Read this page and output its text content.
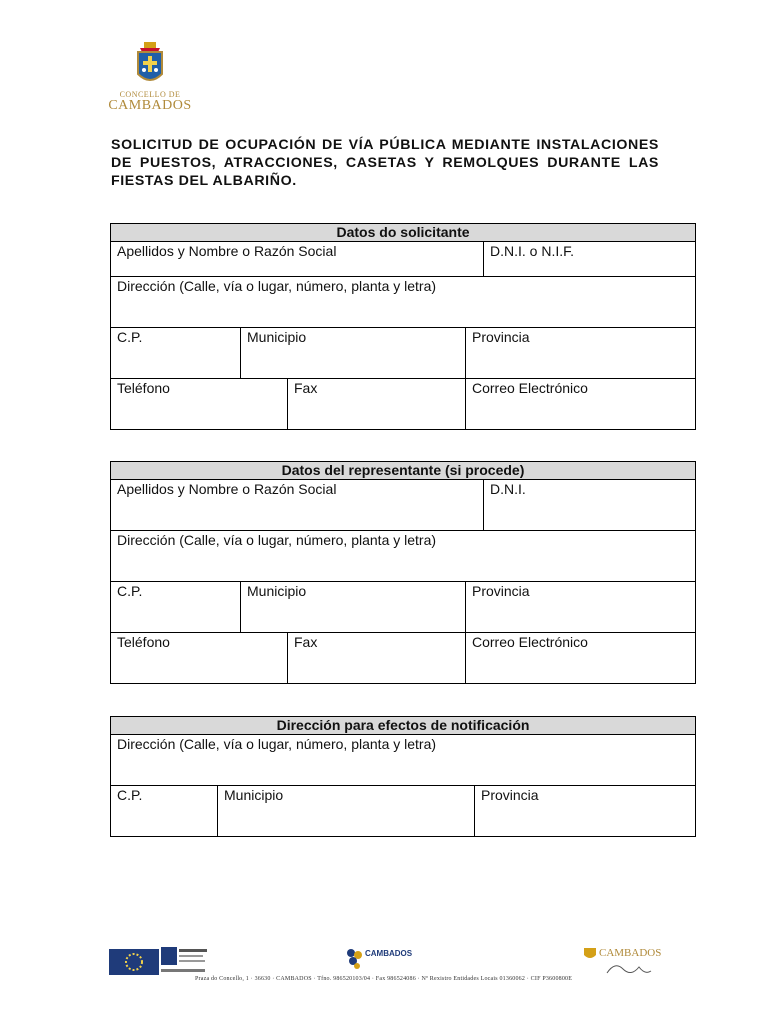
CONCELLO DE
CAMBADOS
SOLICITUD DE OCUPACIÓN DE VÍA PÚBLICA MEDIANTE INSTALACIONES DE PUESTOS, ATRACCIONES, CASETAS Y REMOLQUES DURANTE LAS FIESTAS DEL ALBARIÑO.
Datos do solicitante				
Apellidos y Nombre o Razón Social				D.N.I. o N.I.F.
Dirección (Calle, vía o lugar, número, planta y letra)				
C.P.	Municipio		Provincia	
Teléfono		Fax	Correo Electrónico	
Datos del representante (si procede)				
Apellidos y Nombre o Razón Social				D.N.I.
Dirección (Calle, vía o lugar, número, planta y letra)				
C.P.	Municipio		Provincia	
Teléfono		Fax	Correo Electrónico	
Dirección para efectos de notificación
Dirección (Calle, vía o lugar, número, planta y letra)
C.P.	Municipio	Provincia
CAMBADOS	CAMBADOS
Praza do Concello, 1 · 36630 · CAMBADOS · Tfno. 986520103/04 · Fax 986524086 · Nº Rexistro Entidades Locais 01360062 · CIF P3600800E
